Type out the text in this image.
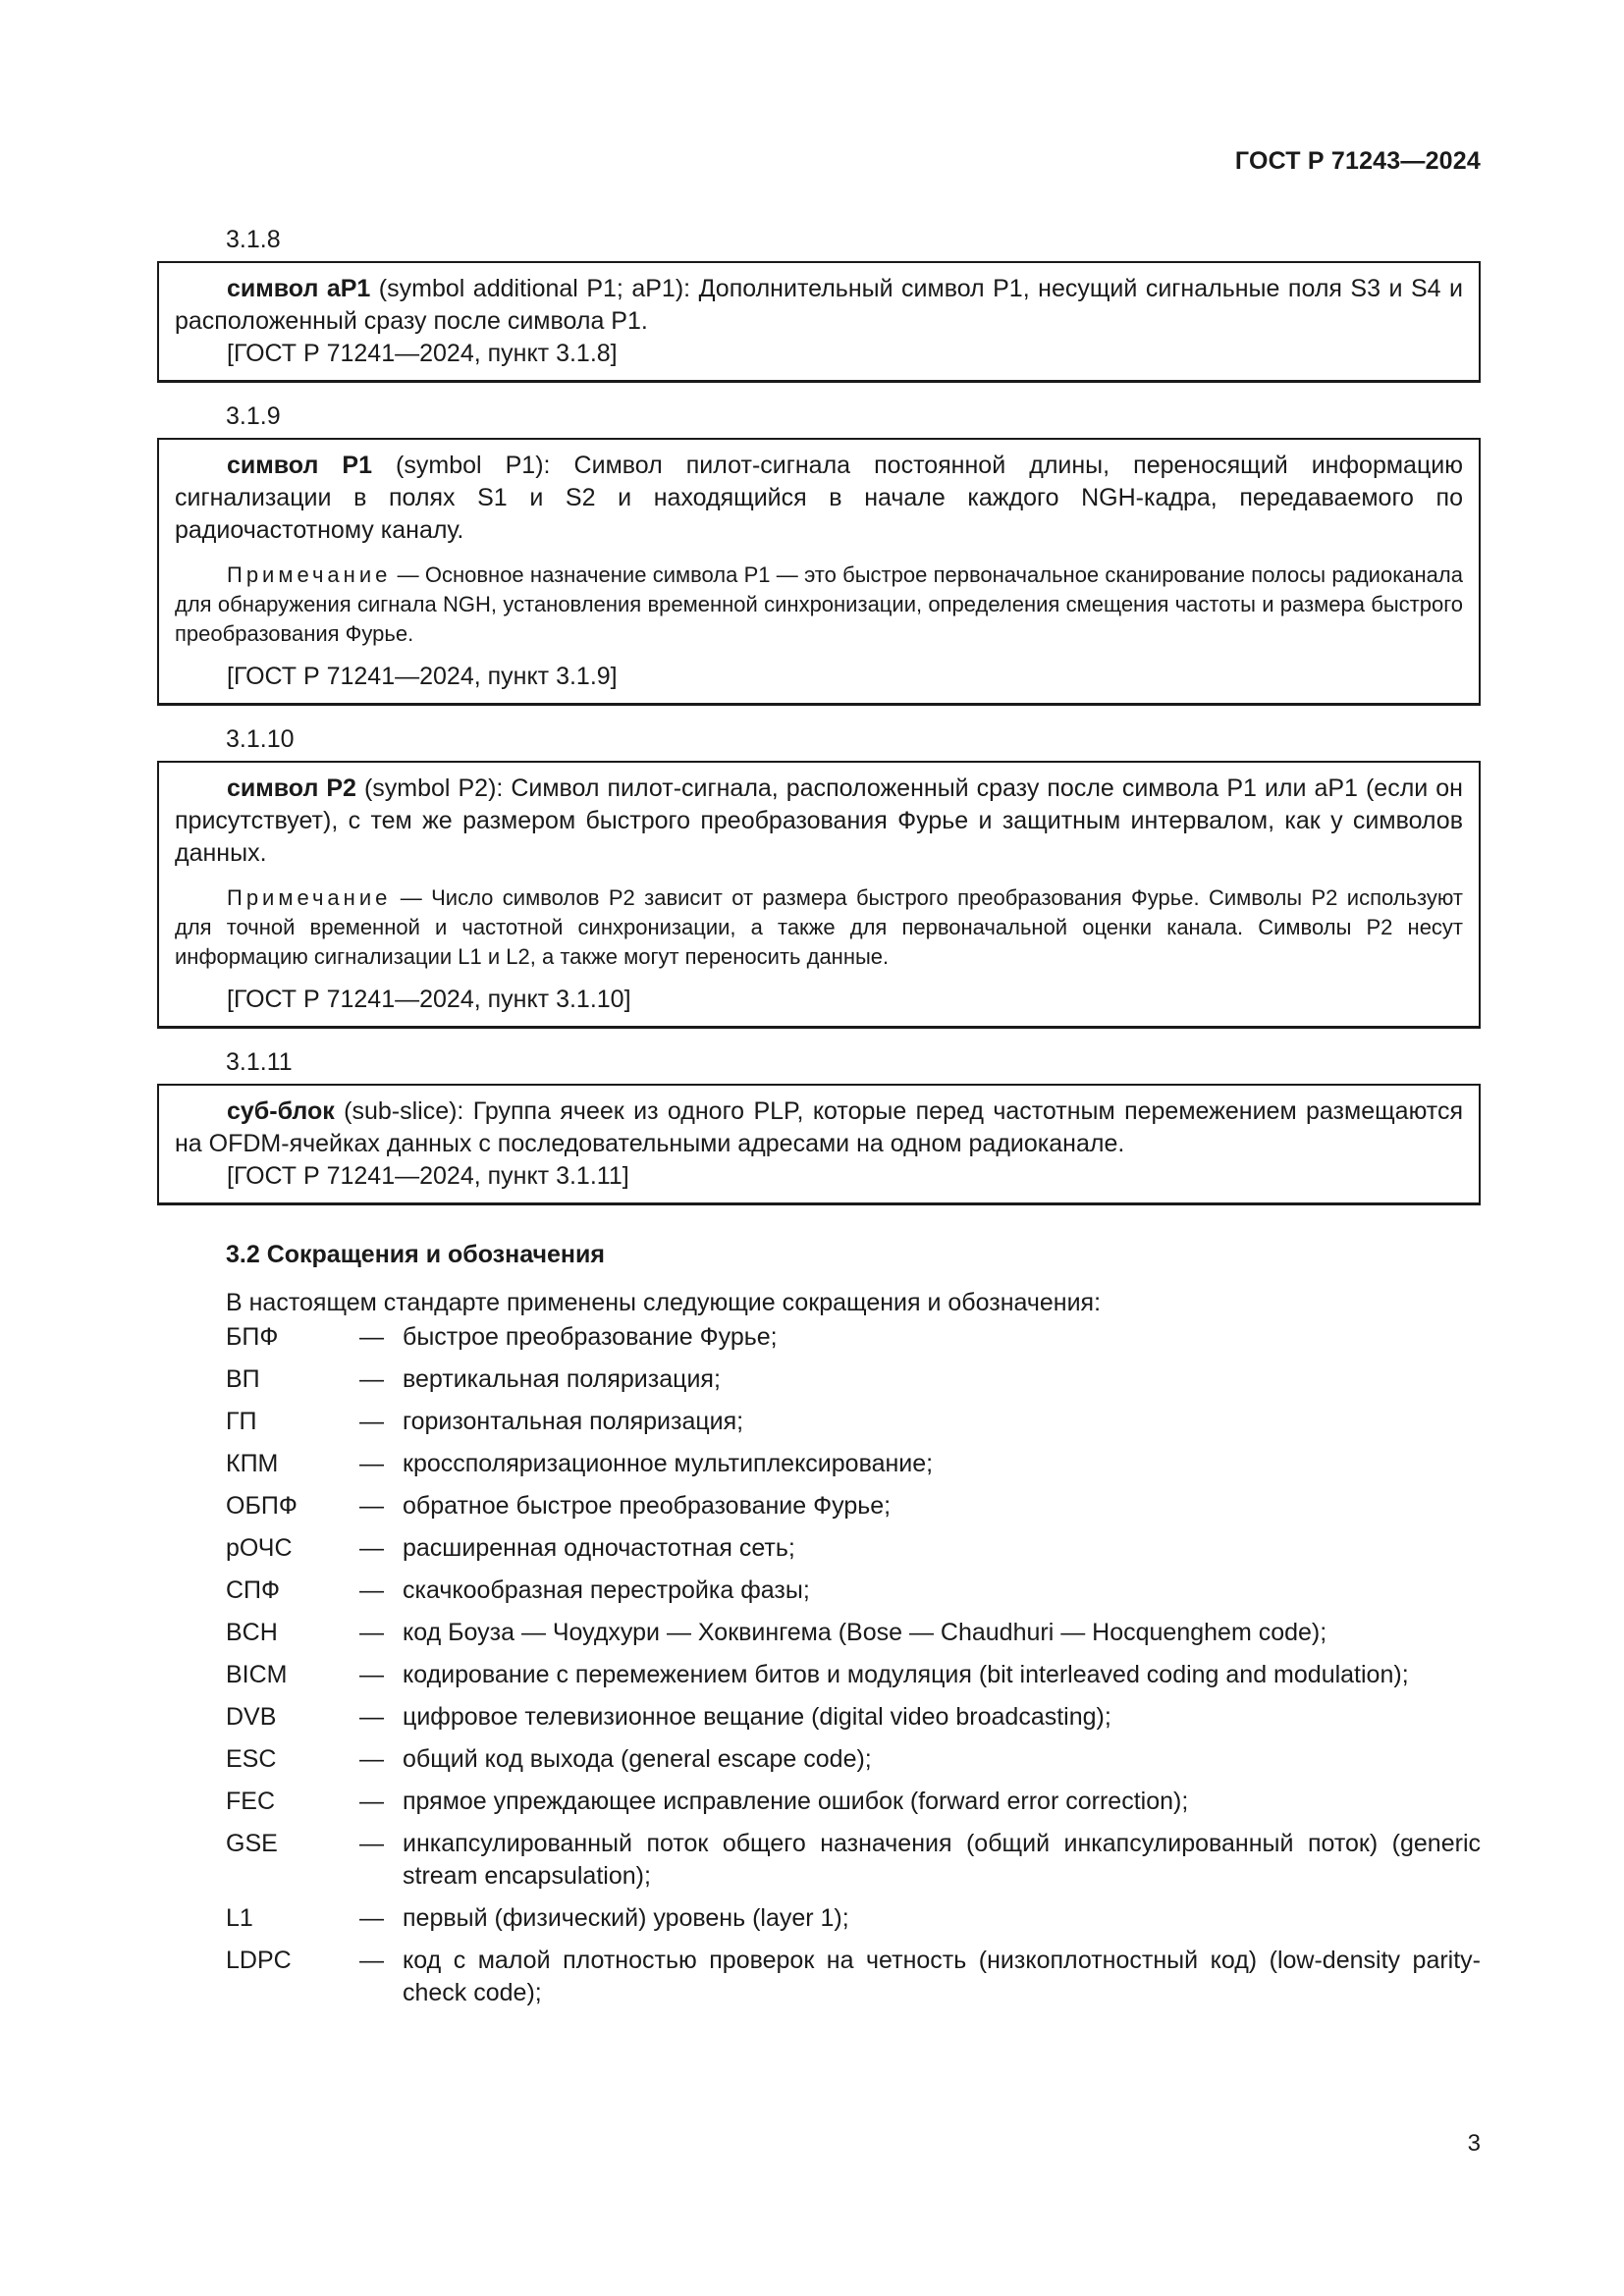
ГОСТ Р 71243—2024
3.1.8

символ aP1 (symbol additional P1; aP1): Дополнительный символ P1, несущий сигнальные поля S3 и S4 и расположенный сразу после символа P1.

[ГОСТ Р 71241—2024, пункт 3.1.8]

3.1.9

символ P1 (symbol P1): Символ пилот-сигнала постоянной длины, переносящий информацию сигнализации в полях S1 и S2 и находящийся в начале каждого NGH-кадра, передаваемого по радиочастотному каналу.

Примечание — Основное назначение символа P1 — это быстрое первоначальное сканирование полосы радиоканала для обнаружения сигнала NGH, установления временной синхронизации, определения смещения частоты и размера быстрого преобразования Фурье.

[ГОСТ Р 71241—2024, пункт 3.1.9]

3.1.10

символ P2 (symbol P2): Символ пилот-сигнала, расположенный сразу после символа P1 или aP1 (если он присутствует), с тем же размером быстрого преобразования Фурье и защитным интервалом, как у символов данных.

Примечание — Число символов P2 зависит от размера быстрого преобразования Фурье. Символы P2 используют для точной временной и частотной синхронизации, а также для первоначальной оценки канала. Символы P2 несут информацию сигнализации L1 и L2, а также могут переносить данные.

[ГОСТ Р 71241—2024, пункт 3.1.10]

3.1.11

суб-блок (sub-slice): Группа ячеек из одного PLP, которые перед частотным перемежением размещаются на OFDM-ячейках данных с последовательными адресами на одном радиоканале.

[ГОСТ Р 71241—2024, пункт 3.1.11]

3.2 Сокращения и обозначения
В настоящем стандарте применены следующие сокращения и обозначения:
БПФ	— быстрое преобразование Фурье;
ВП	— вертикальная поляризация;
ГП	— горизонтальная поляризация;
КПМ	— кроссполяризационное мультиплексирование;
ОБПФ	— обратное быстрое преобразование Фурье;
рОЧС	— расширенная одночастотная сеть;
СПФ	— скачкообразная перестройка фазы;
BCH	— код Боуза — Чоудхури — Хоквингема (Bose — Chaudhuri — Hocquenghem code);
BICM	— кодирование с перемежением битов и модуляция (bit interleaved coding and modulation);
DVB	— цифровое телевизионное вещание (digital video broadcasting);
ESC	— общий код выхода (general escape code);
FEC	— прямое упреждающее исправление ошибок (forward error correction);
GSE	— инкапсулированный поток общего назначения (общий инкапсулированный поток) (generic stream encapsulation);
L1	— первый (физический) уровень (layer 1);
LDPC	— код с малой плотностью проверок на четность (низкоплотностный код) (low-density parity-check code);
3
